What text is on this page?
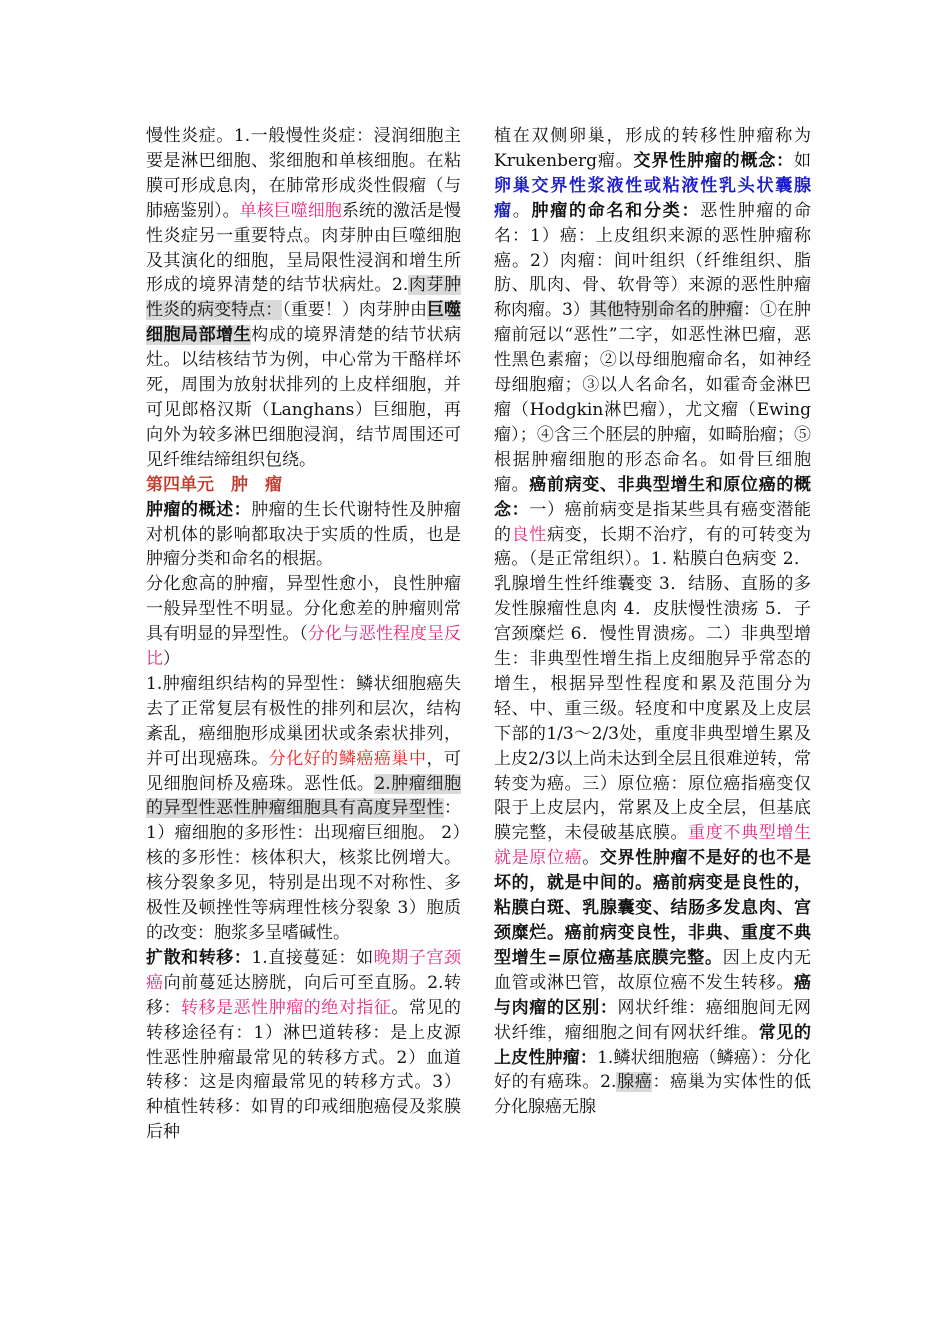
慢性炎症。1.一般慢性炎症：浸润细胞主要是淋巴细胞、浆细胞和单核细胞。在粘膜可形成息肉，在肺常形成炎性假瘤（与肺癌鉴别）。单核巨噬细胞系统的激活是慢性炎症另一重要特点。肉芽肿由巨噬细胞及其演化的细胞，呈局限性浸润和增生所形成的境界清楚的结节状病灶。2.肉芽肿性炎的病变特点：（重要！）肉芽肿由巨噬细胞局部增生构成的境界清楚的结节状病灶。以结核结节为例，中心常为干酪样坏死，周围为放射状排列的上皮样细胞，并可见郎格汉斯（Langhans）巨细胞，再向外为较多淋巴细胞浸润，结节周围还可见纤维结缔组织包绕。

第四单元　肿　瘤

肿瘤的概述：肿瘤的生长代谢特性及肿瘤对机体的影响都取决于实质的性质，也是肿瘤分类和命名的根据。

分化愈高的肿瘤，异型性愈小，良性肿瘤一般异型性不明显。分化愈差的肿瘤则常具有明显的异型性。（分化与恶性程度呈反比）

1.肿瘤组织结构的异型性：鳞状细胞癌失去了正常复层有极性的排列和层次，结构紊乱，癌细胞形成巢团状或条索状排列，并可出现癌珠。分化好的鳞癌癌巢中，可见细胞间桥及癌珠。恶性低。2.肿瘤细胞的异型性恶性肿瘤细胞具有高度异型性：1）瘤细胞的多形性：出现瘤巨细胞。 2）核的多形性：核体积大，核浆比例增大。核分裂象多见，特别是出现不对称性、多极性及顿挫性等病理性核分裂象 3）胞质的改变：胞浆多呈嗜碱性。

扩散和转移：1.直接蔓延：如晚期子宫颈癌向前蔓延达膀胱，向后可至直肠。2.转移：转移是恶性肿瘤的绝对指征。常见的转移途径有：1）淋巴道转移：是上皮源性恶性肿瘤最常见的转移方式。2）血道转移：这是肉瘤最常见的转移方式。3）种植性转移：如胃的印戒细胞癌侵及浆膜后种

植在双侧卵巢，形成的转移性肿瘤称为Krukenberg瘤。交界性肿瘤的概念：如卵巢交界性浆液性或粘液性乳头状囊腺瘤。肿瘤的命名和分类：恶性肿瘤的命名：1）癌：上皮组织来源的恶性肿瘤称癌。2）肉瘤：间叶组织（纤维组织、脂肪、肌肉、骨、软骨等）来源的恶性肿瘤称肉瘤。3）其他特别命名的肿瘤：①在肿瘤前冠以“恶性”二字，如恶性淋巴瘤，恶性黑色素瘤；②以母细胞瘤命名，如神经母细胞瘤；③以人名命名，如霍奇金淋巴瘤（Hodgkin淋巴瘤），尤文瘤（Ewing瘤）；④含三个胚层的肿瘤，如畸胎瘤；⑤根据肿瘤细胞的形态命名。如骨巨细胞瘤。癌前病变、非典型增生和原位癌的概念：一）癌前病变是指某些具有癌变潜能的良性病变，长期不治疗，有的可转变为癌。（是正常组织）。1. 粘膜白色病变 2．乳腺增生性纤维囊变 3．结肠、直肠的多发性腺瘤性息肉 4．皮肤慢性溃疡 5．子宫颈糜烂 6．慢性胃溃疡。二）非典型增生：非典型性增生指上皮细胞异乎常态的增生，根据异型性程度和累及范围分为轻、中、重三级。轻度和中度累及上皮层下部的1/3～2/3处，重度非典型增生累及上皮2/3以上尚未达到全层且很难逆转，常转变为癌。三）原位癌：原位癌指癌变仅限于上皮层内，常累及上皮全层，但基底膜完整，未侵破基底膜。重度不典型增生就是原位癌。交界性肿瘤不是好的也不是坏的，就是中间的。癌前病变是良性的，粘膜白斑、乳腺囊变、结肠多发息肉、宫颈糜烂。癌前病变良性，非典、重度不典型增生=原位癌基底膜完整。因上皮内无血管或淋巴管，故原位癌不发生转移。癌与肉瘤的区别：网状纤维：癌细胞间无网状纤维，瘤细胞之间有网状纤维。常见的上皮性肿瘤：1.鳞状细胞癌（鳞癌）：分化好的有癌珠。2.腺癌：癌巢为实体性的低分化腺癌无腺
